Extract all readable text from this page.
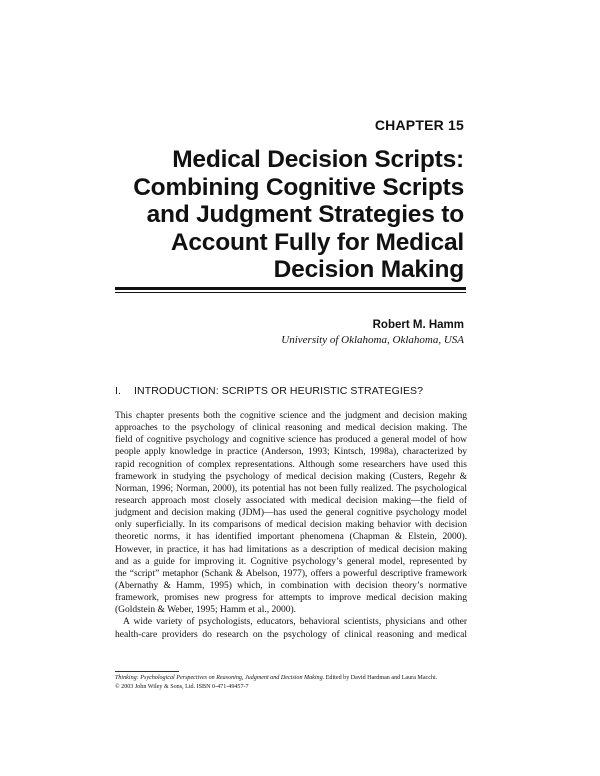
CHAPTER 15
Medical Decision Scripts:
Combining Cognitive Scripts
and Judgment Strategies to
Account Fully for Medical
Decision Making
Robert M. Hamm
University of Oklahoma, Oklahoma, USA
I. INTRODUCTION: SCRIPTS OR HEURISTIC STRATEGIES?
This chapter presents both the cognitive science and the judgment and decision making
approaches to the psychology of clinical reasoning and medical decision making. The
field of cognitive psychology and cognitive science has produced a general model of how
people apply knowledge in practice (Anderson, 1993; Kintsch, 1998a), characterized by
rapid recognition of complex representations. Although some researchers have used this
framework in studying the psychology of medical decision making (Custers, Regehr &
Norman, 1996; Norman, 2000), its potential has not been fully realized. The psychological
research approach most closely associated with medical decision making—the field of
judgment and decision making (JDM)—has used the general cognitive psychology model
only superficially. In its comparisons of medical decision making behavior with decision
theoretic norms, it has identified important phenomena (Chapman & Elstein, 2000).
However, in practice, it has had limitations as a description of medical decision making
and as a guide for improving it. Cognitive psychology’s general model, represented by
the “script” metaphor (Schank & Abelson, 1977), offers a powerful descriptive framework
(Abernathy & Hamm, 1995) which, in combination with decision theory’s normative
framework, promises new progress for attempts to improve medical decision making
(Goldstein & Weber, 1995; Hamm et al., 2000).
A wide variety of psychologists, educators, behavioral scientists, physicians and other
health-care providers do research on the psychology of clinical reasoning and medical
Thinking: Psychological Perspectives on Reasoning, Judgment and Decision Making. Edited by David Hardman and Laura Macchi.
© 2003 John Wiley & Sons, Ltd. ISBN 0-471-49457-7
